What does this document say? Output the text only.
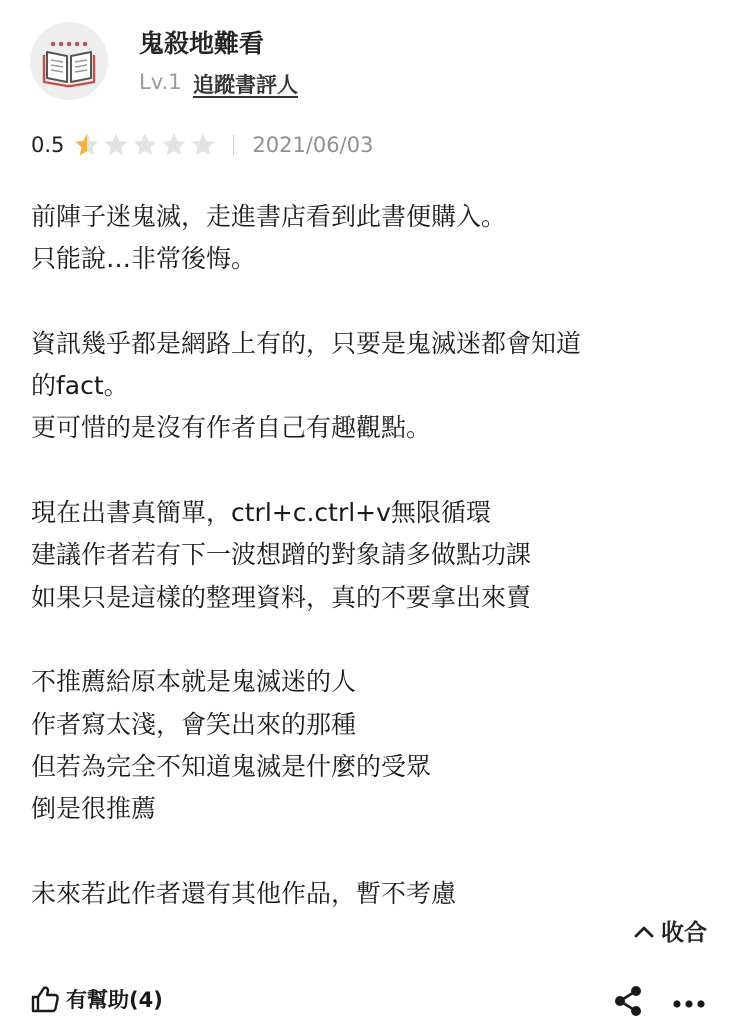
鬼殺地難看
Lv.1 追蹤書評人
0.5	2021/06/03

前陣子迷鬼滅，走進書店看到此書便購入。

只能說…非常後悔。

資訊幾乎都是網路上有的，只要是鬼滅迷都會知道

的fact。

更可惜的是沒有作者自己有趣觀點。

現在出書真簡單，ctrl+c.ctrl+v無限循環

建議作者若有下一波想蹭的對象請多做點功課

如果只是這樣的整理資料，真的不要拿出來賣

不推薦給原本就是鬼滅迷的人

作者寫太淺，會笑出來的那種

但若為完全不知道鬼滅是什麼的受眾

倒是很推薦

未來若此作者還有其他作品，暫不考慮

收合
有幫助(4)
